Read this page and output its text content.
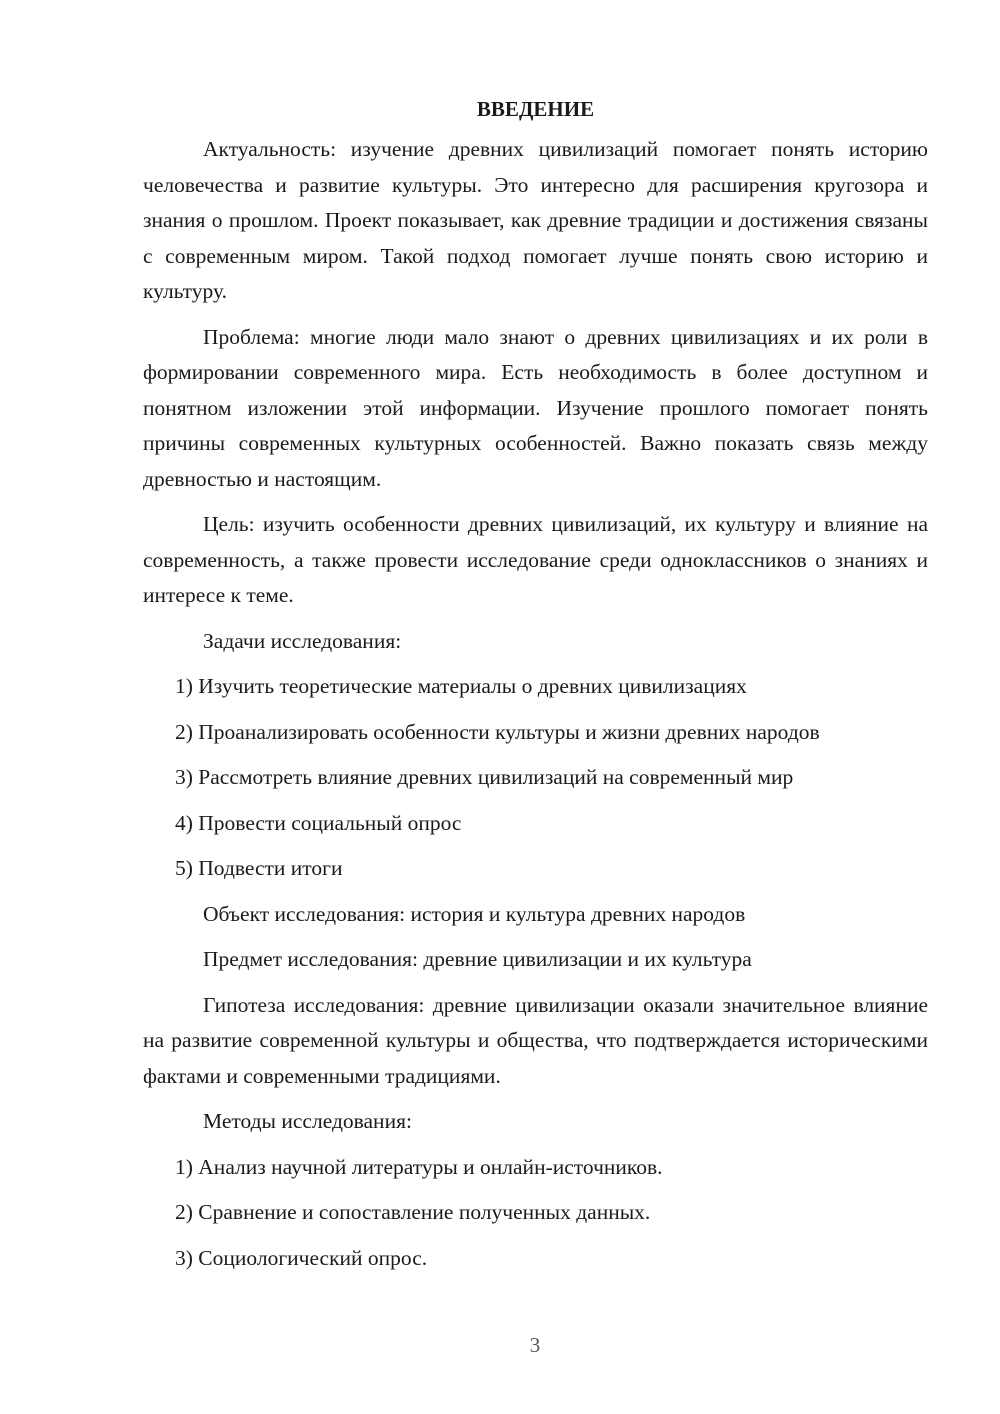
ВВЕДЕНИЕ

Актуальность: изучение древних цивилизаций помогает понять историю человечества и развитие культуры. Это интересно для расширения кругозора и знания о прошлом. Проект показывает, как древние традиции и достижения связаны с современным миром. Такой подход помогает лучше понять свою историю и культуру.

Проблема: многие люди мало знают о древних цивилизациях и их роли в формировании современного мира. Есть необходимость в более доступном и понятном изложении этой информации. Изучение прошлого помогает понять причины современных культурных особенностей. Важно показать связь между древностью и настоящим.

Цель: изучить особенности древних цивилизаций, их культуру и влияние на современность, а также провести исследование среди одноклассников о знаниях и интересе к теме.

Задачи исследования:

1) Изучить теоретические материалы о древних цивилизациях

2) Проанализировать особенности культуры и жизни древних народов

3) Рассмотреть влияние древних цивилизаций на современный мир

4) Провести социальный опрос

5) Подвести итоги

Объект исследования: история и культура древних народов

Предмет исследования: древние цивилизации и их культура

Гипотеза исследования: древние цивилизации оказали значительное влияние на развитие современной культуры и общества, что подтверждается историческими фактами и современными традициями.

Методы исследования:

1) Анализ научной литературы и онлайн-источников.

2) Сравнение и сопоставление полученных данных.

3) Социологический опрос.

3
